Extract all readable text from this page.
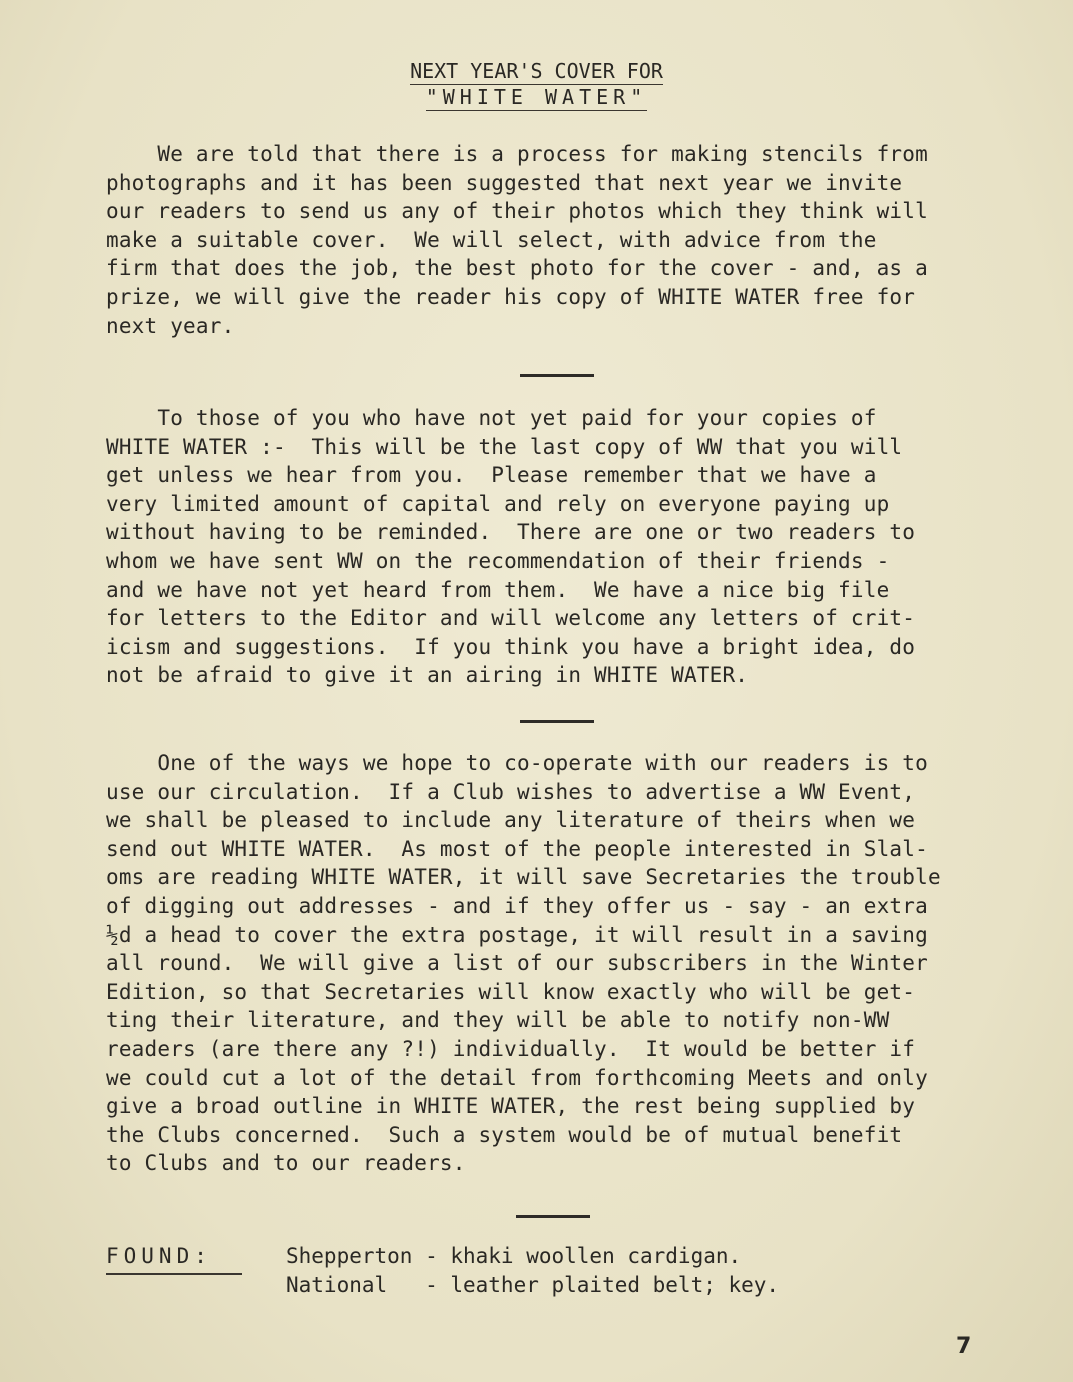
NEXT YEAR'S COVER FOR
"WHITE WATER"

We are told that there is a process for making stencils from
photographs and it has been suggested that next year we invite
our readers to send us any of their photos which they think will
make a suitable cover.  We will select, with advice from the
firm that does the job, the best photo for the cover - and, as a
prize, we will give the reader his copy of WHITE WATER free for
next year.

To those of you who have not yet paid for your copies of
WHITE WATER :-  This will be the last copy of WW that you will
get unless we hear from you.  Please remember that we have a
very limited amount of capital and rely on everyone paying up
without having to be reminded.  There are one or two readers to
whom we have sent WW on the recommendation of their friends -
and we have not yet heard from them.  We have a nice big file
for letters to the Editor and will welcome any letters of crit-
icism and suggestions.  If you think you have a bright idea, do
not be afraid to give it an airing in WHITE WATER.

One of the ways we hope to co-operate with our readers is to
use our circulation.  If a Club wishes to advertise a WW Event,
we shall be pleased to include any literature of theirs when we
send out WHITE WATER.  As most of the people interested in Slal-
oms are reading WHITE WATER, it will save Secretaries the trouble
of digging out addresses - and if they offer us - say - an extra
½d a head to cover the extra postage, it will result in a saving
all round.  We will give a list of our subscribers in the Winter
Edition, so that Secretaries will know exactly who will be get-
ting their literature, and they will be able to notify non-WW
readers (are there any ?!) individually.  It would be better if
we could cut a lot of the detail from forthcoming Meets and only
give a broad outline in WHITE WATER, the rest being supplied by
the Clubs concerned.  Such a system would be of mutual benefit
to Clubs and to our readers.

FOUND:	Shepperton - khaki woollen cardigan.
National   - leather plaited belt; key.
7
